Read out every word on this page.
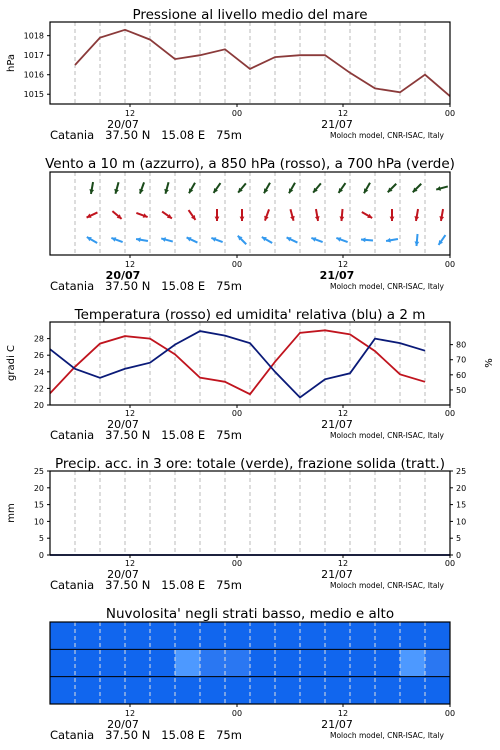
Pressione al livello medio del mare
12	00	12	00
20/07	21/07
Vento a 10 m (azzurro), a 850 hPa (rosso), a 700 hPa (verde)
12	00	12	00
20/07	21/07
Temperatura (rosso) ed umidita' relativa (blu) a 2 m
12	00	12	00
20/07	21/07
Precip. acc. in 3 ore: totale (verde), frazione solida (tratt.)
12	00	12	00
20/07	21/07
Nuvolosita' negli strati basso, medio e alto
12	00	12	00
20/07	21/07
1015
1016
1017
1018
hPa
22
24
26
28
20
50
60
70
80
gradi C	%
0
5
10
15
20
25
0
5
10
15
20
25
mm
Catania 37.50 N   15.08 E 75m	Moloch model, CNR-ISAC, Italy
Catania 37.50 N   15.08 E 75m	Moloch model, CNR-ISAC, Italy
Catania 37.50 N   15.08 E 75m	Moloch model, CNR-ISAC, Italy
Catania 37.50 N   15.08 E 75m	Moloch model, CNR-ISAC, Italy
Catania 37.50 N   15.08 E 75m	Moloch model, CNR-ISAC, Italy
